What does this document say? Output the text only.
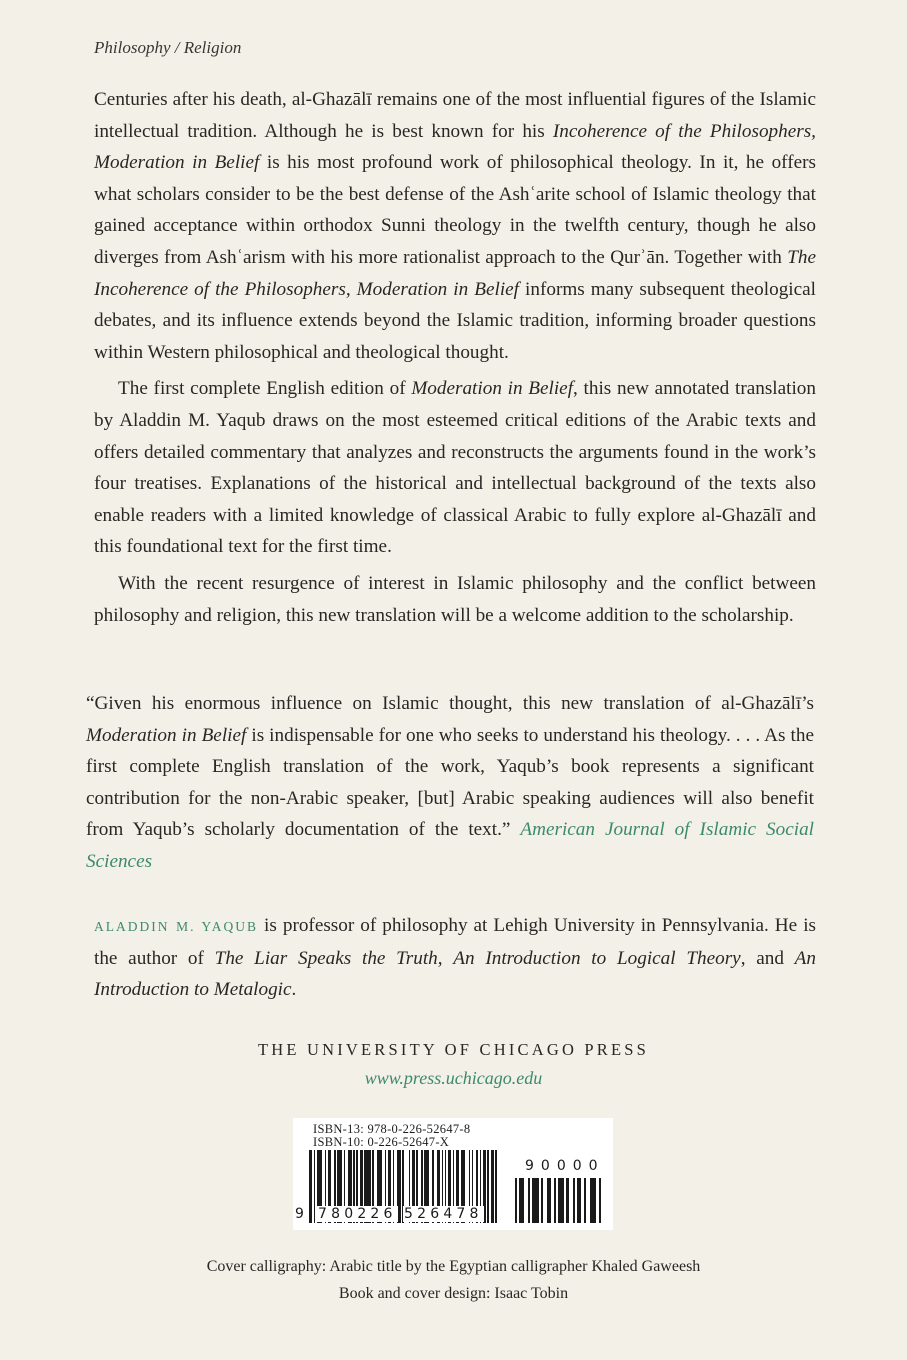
Philosophy / Religion

Centuries after his death, al-Ghazālī remains one of the most influential figures of the Islamic intellectual tradition. Although he is best known for his Incoherence of the Philosophers, Moderation in Belief is his most profound work of philosophical theology. In it, he offers what scholars consider to be the best defense of the Ashʿarite school of Islamic theology that gained acceptance within orthodox Sunni theology in the twelfth century, though he also diverges from Ashʿarism with his more rationalist approach to the Qurʾān. Together with The Incoherence of the Philosophers, Moderation in Belief informs many subsequent theological debates, and its influence extends beyond the Islamic tradition, informing broader questions within Western philosophical and theological thought.

The first complete English edition of Moderation in Belief, this new annotated translation by Aladdin M. Yaqub draws on the most esteemed critical editions of the Arabic texts and offers detailed commentary that analyzes and reconstructs the arguments found in the work’s four treatises. Explanations of the historical and intellectual background of the texts also enable readers with a limited knowledge of classical Arabic to fully explore al-Ghazālī and this foundational text for the first time.

With the recent resurgence of interest in Islamic philosophy and the conflict between philosophy and religion, this new translation will be a welcome addition to the scholarship.

“Given his enormous influence on Islamic thought, this new translation of al-Ghazālī’s Moderation in Belief is indispensable for one who seeks to understand his theology. . . . As the first complete English translation of the work, Yaqub’s book represents a significant contribution for the non-Arabic speaker, [but] Arabic speaking audiences will also benefit from Yaqub’s scholarly documentation of the text.” American Journal of Islamic Social Sciences
ALADDIN M. YAQUB is professor of philosophy at Lehigh University in Pennsylvania. He is the author of The Liar Speaks the Truth, An Introduction to Logical Theory, and An Introduction to Metalogic.
THE UNIVERSITY OF CHICAGO PRESS
www.press.uchicago.edu
ISBN-13: 978-0-226-52647-8
ISBN-10: 0-226-52647-X
90000
9 780226 526478
Cover calligraphy: Arabic title by the Egyptian calligrapher Khaled Gaweesh
Book and cover design: Isaac Tobin
